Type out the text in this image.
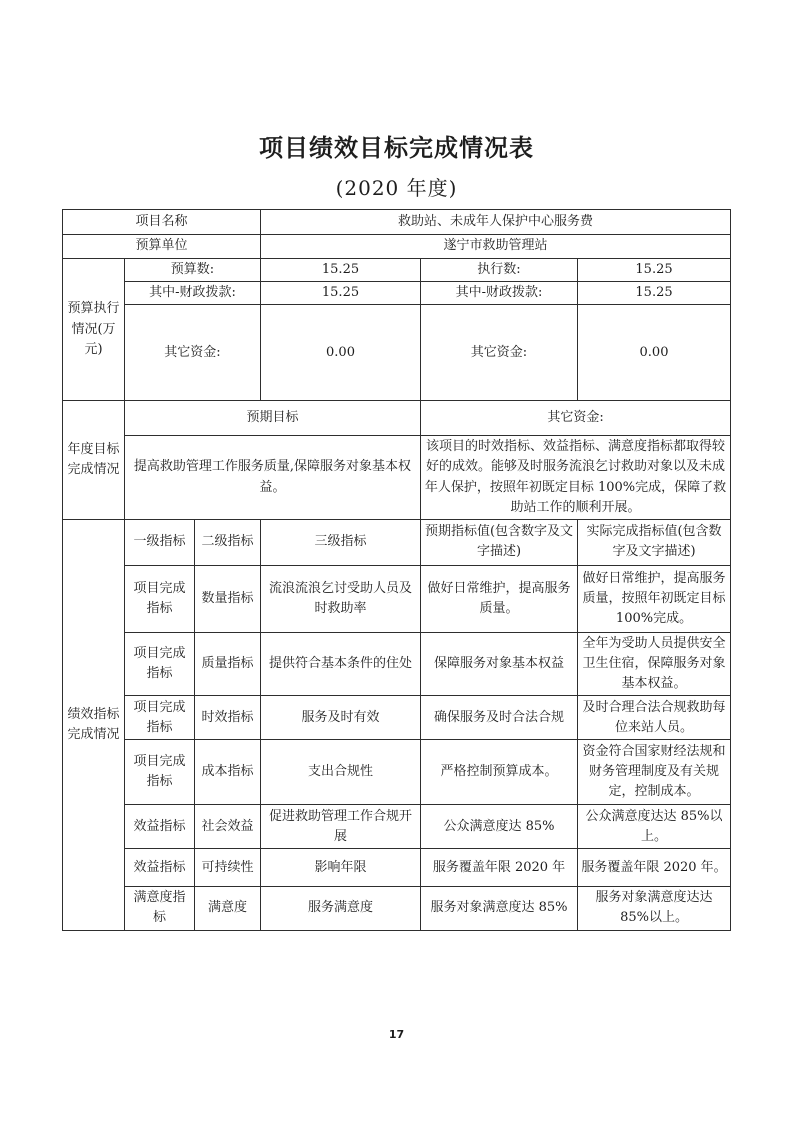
项目绩效目标完成情况表
(2020 年度)
项目名称			救助站、未成年人保护中心服务费		
预算单位			遂宁市救助管理站		
预算执行情况(万元)	预算数:		15.25	执行数:	15.25
	其中-财政拨款:		15.25	其中-财政拨款:	15.25
	其它资金:		0.00	其它资金:	0.00
年度目标完成情况	预期目标			其它资金:	
	提高救助管理工作服务质量,保障服务对象基本权益。			该项目的时效指标、效益指标、满意度指标都取得较好的成效。能够及时服务流浪乞讨救助对象以及未成年人保护，按照年初既定目标 100%完成，保障了救助站工作的顺利开展。	
绩效指标完成情况	一级指标	二级指标	三级指标	预期指标值(包含数字及文字描述)	实际完成指标值(包含数字及文字描述)
	项目完成指标	数量指标	流浪流浪乞讨受助人员及时救助率	做好日常维护，提高服务质量。	做好日常维护，提高服务质量，按照年初既定目标 100%完成。
	项目完成指标	质量指标	提供符合基本条件的住处	保障服务对象基本权益	全年为受助人员提供安全卫生住宿，保障服务对象基本权益。
	项目完成指标	时效指标	服务及时有效	确保服务及时合法合规	及时合理合法合规救助每位来站人员。
	项目完成指标	成本指标	支出合规性	严格控制预算成本。	资金符合国家财经法规和财务管理制度及有关规定，控制成本。
	效益指标	社会效益	促进救助管理工作合规开展	公众满意度达 85%	公众满意度达达 85%以上。
	效益指标	可持续性	影响年限	服务覆盖年限 2020 年	服务覆盖年限 2020 年。
	满意度指标	满意度	服务满意度	服务对象满意度达 85%	服务对象满意度达达 85%以上。
17
